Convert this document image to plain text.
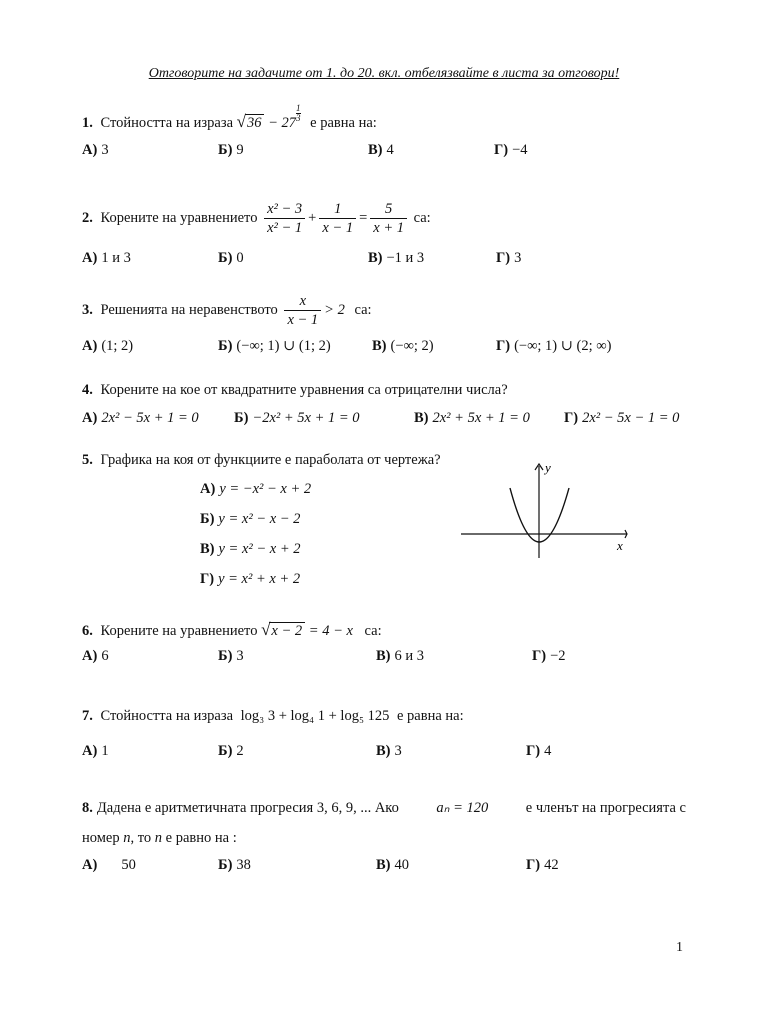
Отговорите на задачите от 1. до 20. вкл. отбелязвайте в листа за отговори!
1. Стойността на израза $√36 - 27 \frac{1}{3}$ е равна на:
А) 3	Б) 9	В) 4	Г) −4
2. Корените на уравнението $\frac{\text{x² − 3}}{\text{x² − 1}} + \frac{1}{x - 1} = \frac{5}{x + 1}$ са:
А) 1 и 3	Б) 0	В) −1 и 3	Г) 3
3. Решенията на неравенството $\frac{x}{x - 1} > 2$ са:
А) (1; 2)	Б) (−∞; 1) ∪ (1; 2)	В) (−∞; 2)	Г) (−∞; 1) ∪ (2; ∞)
4. Корените на кое от квадратните уравнения са отрицателни числа?
А) 2x² − 5x + 1 = 0 Б) −2x² + 5x + 1 = 0	В) 2x² + 5x + 1 = 0 Г) 2x² − 5x − 1 = 0
5. Графика на коя от функциите е параболата от чертежа?
А) y = −x² − x + 2
Б) y = x² − x − 2
В) y = x² − x + 2
Г) y = x² + x + 2
x
y
6. Корените на уравнението √x − 2 = 4 − x са:
А) 6	Б) 3	В) 6 и 3	Г) −2
7. Стойността на израза log₃ 3 + log₄ 1 + log₅ 125 е равна на:
А) 1	Б) 2	В) 3	Г) 4
8. Дадена е аритметичната прогресия 3, 6, 9, ... Ако	aₙ = 120	е членът на прогресията с
номер n, то n е равно на :
А) 50	Б) 38	В) 40	Г) 42
1
